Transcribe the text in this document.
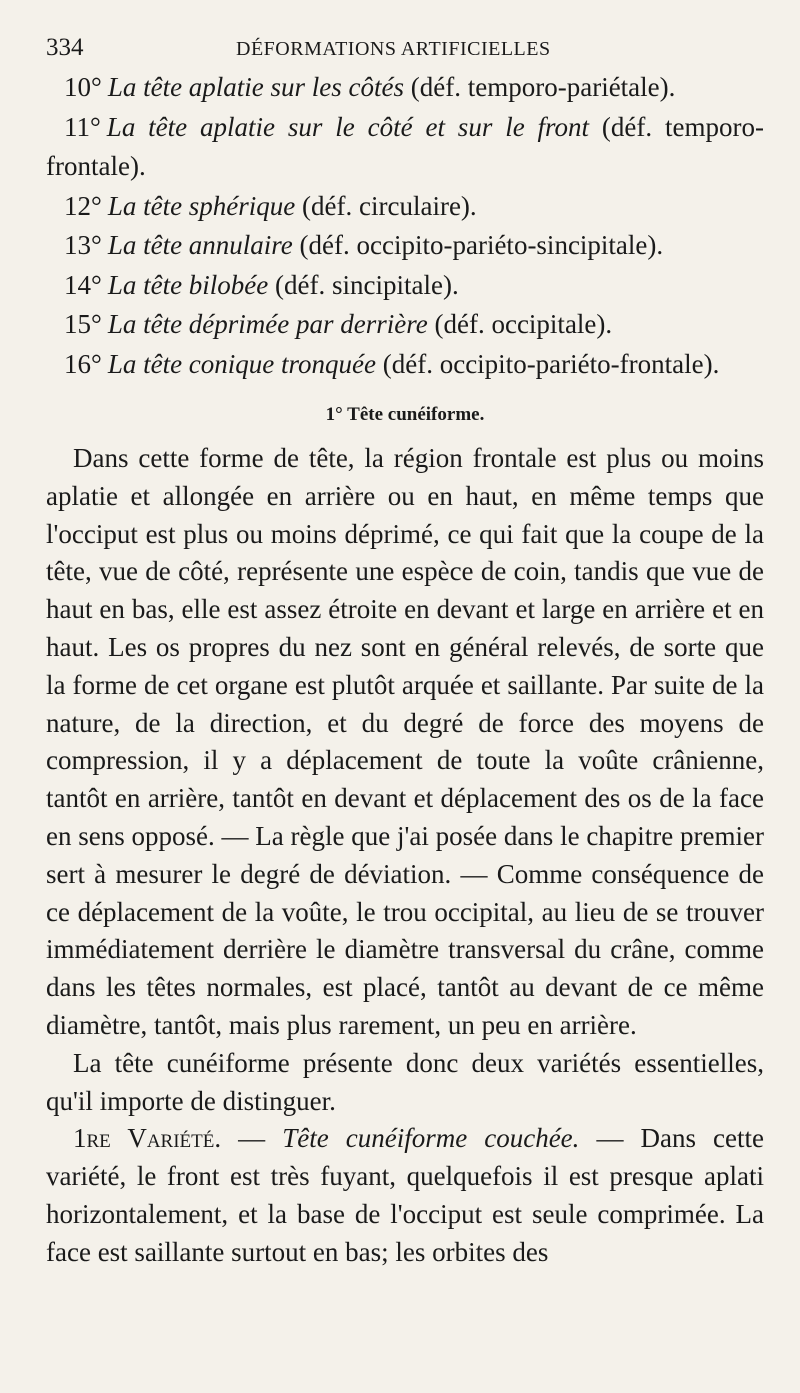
334	DÉFORMATIONS ARTIFICIELLES
10° La tête aplatie sur les côtés (déf. temporo-pariétale).
11° La tête aplatie sur le côté et sur le front (déf. temporo-frontale).
12° La tête sphérique (déf. circulaire).
13° La tête annulaire (déf. occipito-pariéto-sincipitale).
14° La tête bilobée (déf. sincipitale).
15° La tête déprimée par derrière (déf. occipitale).
16° La tête conique tronquée (déf. occipito-pariéto-frontale).
1° Tête cunéiforme.

Dans cette forme de tête, la région frontale est plus ou moins aplatie et allongée en arrière ou en haut, en même temps que l'occiput est plus ou moins déprimé, ce qui fait que la coupe de la tête, vue de côté, représente une espèce de coin, tandis que vue de haut en bas, elle est assez étroite en devant et large en arrière et en haut. Les os propres du nez sont en général relevés, de sorte que la forme de cet organe est plutôt arquée et saillante. Par suite de la nature, de la direction, et du degré de force des moyens de compression, il y a déplacement de toute la voûte crânienne, tantôt en arrière, tantôt en devant et déplacement des os de la face en sens opposé. — La règle que j'ai posée dans le chapitre premier sert à mesurer le degré de déviation. — Comme conséquence de ce déplacement de la voûte, le trou occipital, au lieu de se trouver immédiatement derrière le diamètre transversal du crâne, comme dans les têtes normales, est placé, tantôt au devant de ce même diamètre, tantôt, mais plus rarement, un peu en arrière.

La tête cunéiforme présente donc deux variétés essentielles, qu'il importe de distinguer.

1re Variété. — Tête cunéiforme couchée. — Dans cette variété, le front est très fuyant, quelquefois il est presque aplati horizontalement, et la base de l'occiput est seule comprimée. La face est saillante surtout en bas; les orbites des
